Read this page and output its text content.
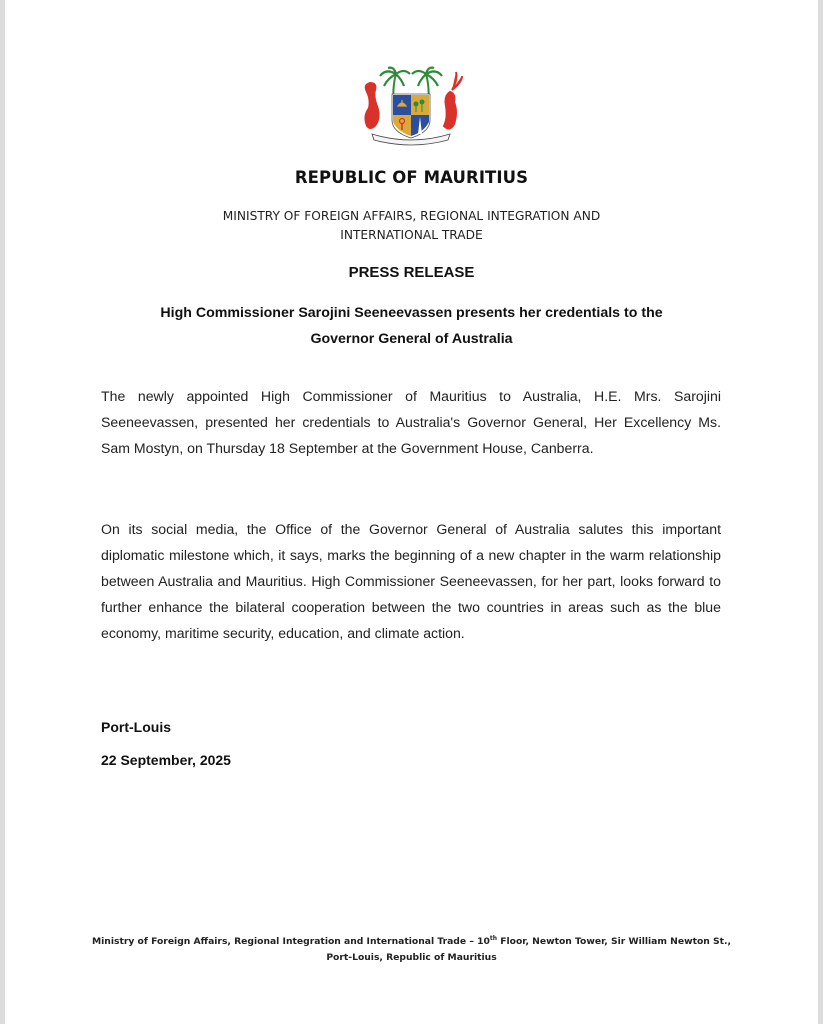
REPUBLIC OF MAURITIUS
MINISTRY OF FOREIGN AFFAIRS, REGIONAL INTEGRATION AND
INTERNATIONAL TRADE
PRESS RELEASE
High Commissioner Sarojini Seeneevassen presents her credentials to the
Governor General of Australia
The newly appointed High Commissioner of Mauritius to Australia, H.E. Mrs. Sarojini Seeneevassen, presented her credentials to Australia's Governor General, Her Excellency Ms. Sam Mostyn, on Thursday 18 September at the Government House, Canberra.
On its social media, the Office of the Governor General of Australia salutes this important diplomatic milestone which, it says, marks the beginning of a new chapter in the warm relationship between Australia and Mauritius. High Commissioner Seeneevassen, for her part, looks forward to further enhance the bilateral cooperation between the two countries in areas such as the blue economy, maritime security, education, and climate action.
Port-Louis
22 September, 2025
Ministry of Foreign Affairs, Regional Integration and International Trade – 10th Floor, Newton Tower, Sir William Newton St.,
Port-Louis, Republic of Mauritius
